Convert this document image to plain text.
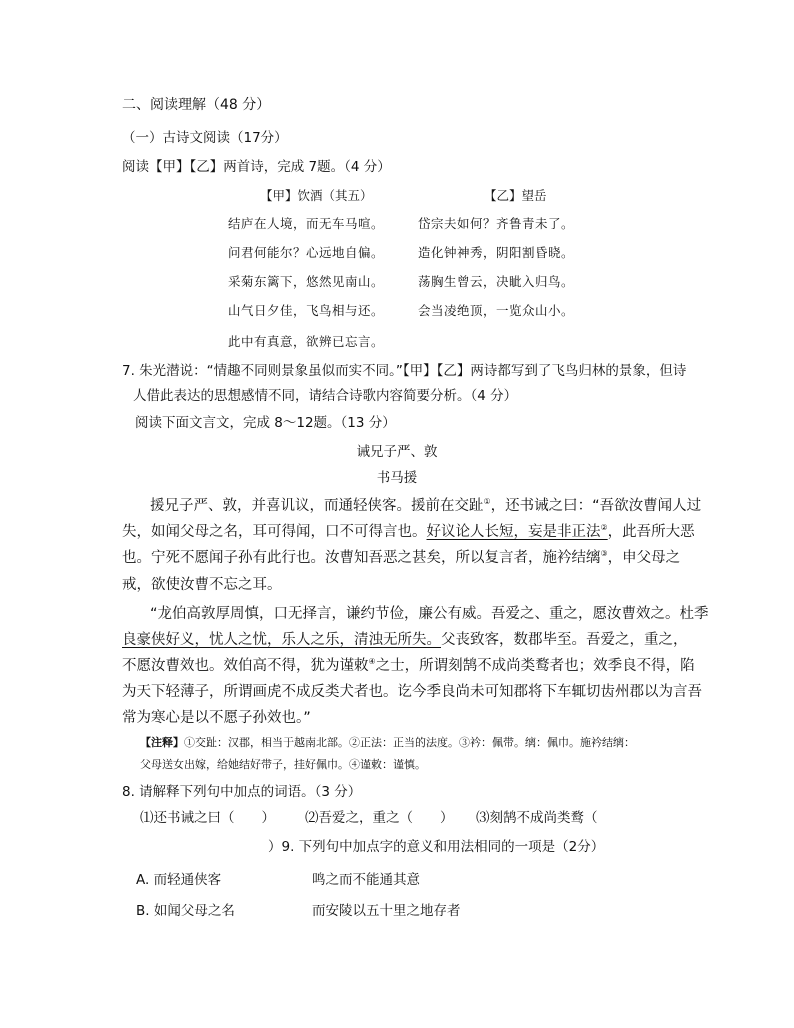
二、阅读理解（48 分）
（一）古诗文阅读（17分）
阅读【甲】【乙】两首诗，完成 7题。（4 分）
【甲】饮酒（其五）
结庐在人境，而无车马喧。
问君何能尔？心远地自偏。
采菊东篱下，悠然见南山。
山气日夕佳，飞鸟相与还。
此中有真意，欲辨已忘言。
【乙】望岳
岱宗夫如何？齐鲁青未了。
造化钟神秀，阴阳割昏晓。
荡胸生曾云，决眦入归鸟。
会当凌绝顶，一览众山小。
7. 朱光潜说：“情趣不同则景象虽似而实不同。”【甲】【乙】两诗都写到了飞鸟归林的景象，但诗
人借此表达的思想感情不同，请结合诗歌内容简要分析。（4 分）
阅读下面文言文，完成 8～12题。（13 分）
诫兄子严、敦
书马援
援兄子严、敦，并喜讥议，而通轻侠客。援前在交趾①，还书诫之曰：“吾欲汝曹闻人过
失，如闻父母之名，耳可得闻，口不可得言也。好议论人长短，妄是非正法②，此吾所大恶
也。宁死不愿闻子孙有此行也。汝曹知吾恶之甚矣，所以复言者，施衿结缡③，申父母之
戒，欲使汝曹不忘之耳。
“龙伯高敦厚周慎，口无择言，谦约节俭，廉公有威。吾爱之、重之，愿汝曹效之。杜季
良豪侠好义，忧人之忧，乐人之乐，清浊无所失。父丧致客，数郡毕至。吾爱之，重之，
不愿汝曹效也。效伯高不得，犹为谨敕④之士，所谓刻鹄不成尚类鹜者也；效季良不得，陷
为天下轻薄子，所谓画虎不成反类犬者也。讫今季良尚未可知郡将下车辄切齿州郡以为言吾
常为寒心是以不愿子孙效也。”
【注释】①交趾：汉郡，相当于越南北部。②正法：正当的法度。③衿：佩带。缡：佩巾。施衿结缡：
父母送女出嫁，给她结好带子，挂好佩巾。④谨敕：谨慎。
8. 请解释下列句中加点的词语。（3 分）
⑴还书诫之曰（　　） ⑵吾爱之，重之（　　） ⑶刻鹄不成尚类鹜（
）9. 下列句中加点字的意义和用法相同的一项是（2分）
A. 而轻通侠客	鸣之而不能通其意
B. 如闻父母之名	而安陵以五十里之地存者
